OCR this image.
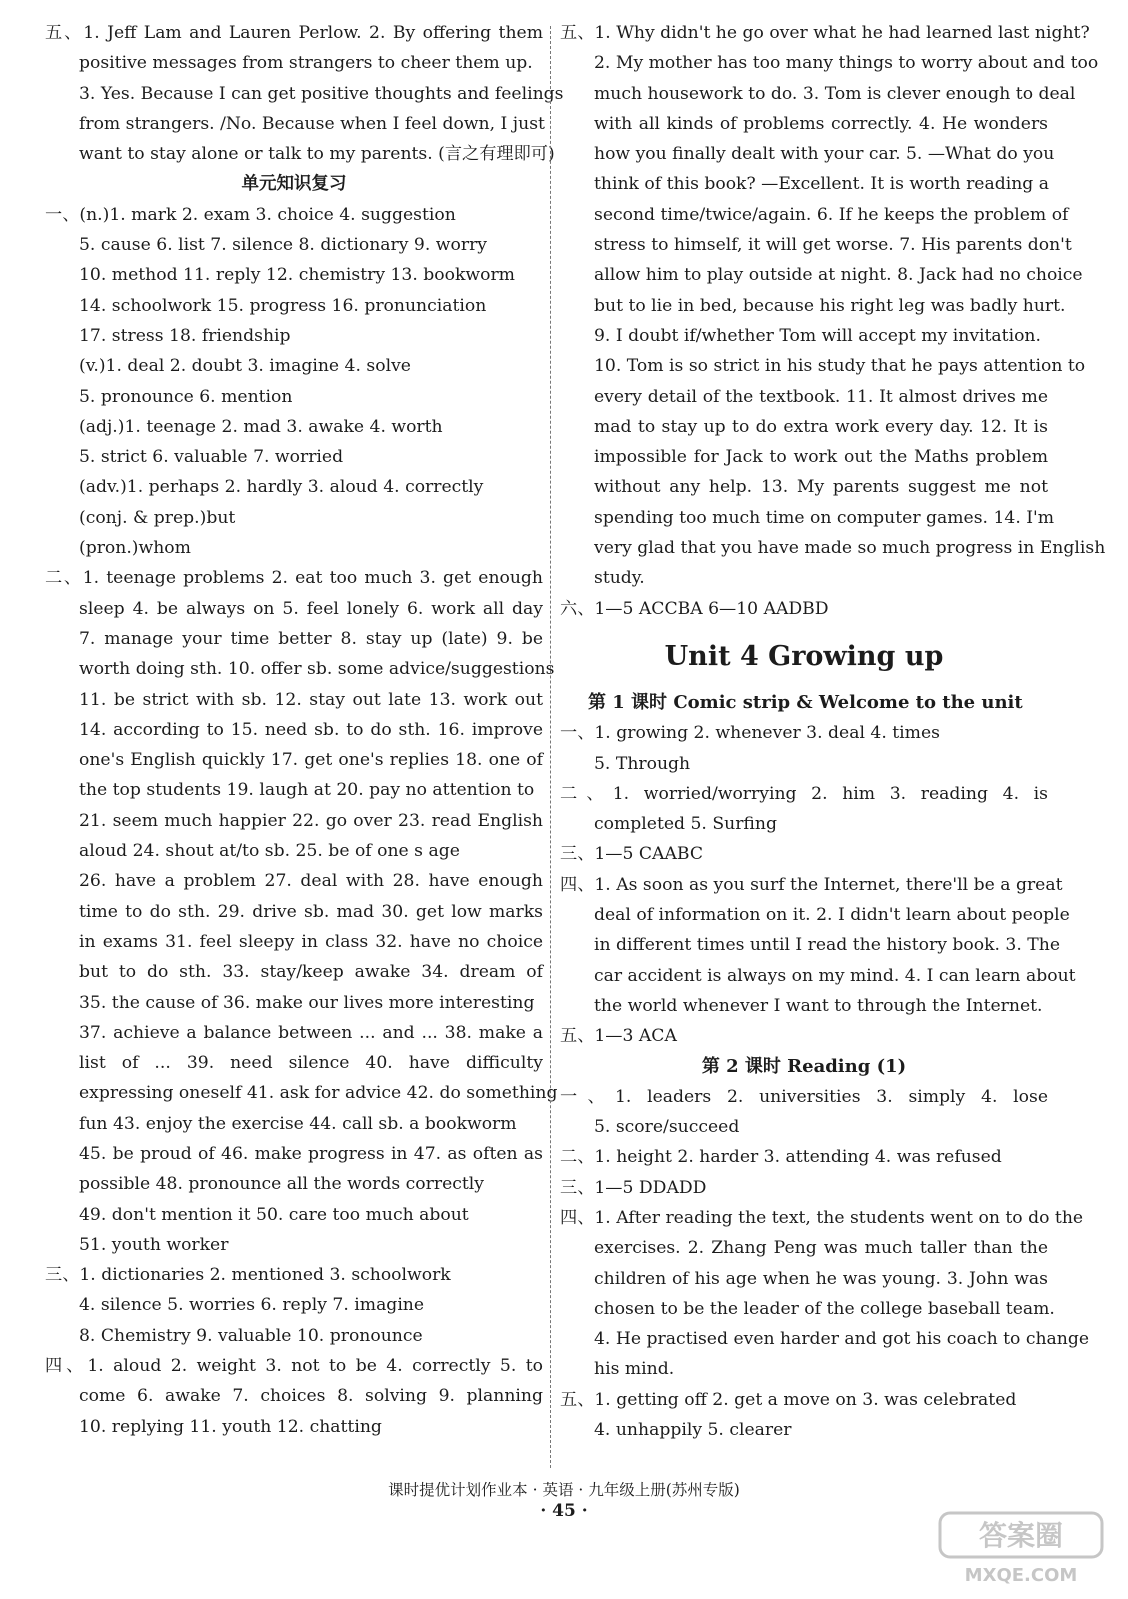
五、1. Jeff Lam and Lauren Perlow. 2. By offering them
positive messages from strangers to cheer them up.
3. Yes. Because I can get positive thoughts and feelings
from strangers. /No. Because when I feel down, I just
want to stay alone or talk to my parents. (言之有理即可)
单元知识复习
一、(n.)1. mark 2. exam 3. choice 4. suggestion
5. cause 6. list 7. silence 8. dictionary 9. worry
10. method 11. reply 12. chemistry 13. bookworm
14. schoolwork 15. progress 16. pronunciation
17. stress 18. friendship
(v.)1. deal 2. doubt 3. imagine 4. solve
5. pronounce 6. mention
(adj.)1. teenage 2. mad 3. awake 4. worth
5. strict 6. valuable 7. worried
(adv.)1. perhaps 2. hardly 3. aloud 4. correctly
(conj. & prep.)but
(pron.)whom
二、1. teenage problems 2. eat too much 3. get enough
sleep 4. be always on 5. feel lonely 6. work all day
7. manage your time better 8. stay up (late) 9. be
worth doing sth. 10. offer sb. some advice/suggestions
11. be strict with sb. 12. stay out late 13. work out
14. according to 15. need sb. to do sth. 16. improve
one's English quickly 17. get one's replies 18. one of
the top students 19. laugh at 20. pay no attention to
21. seem much happier 22. go over 23. read English
aloud 24. shout at/to sb. 25. be of one s age
26. have a problem 27. deal with 28. have enough
time to do sth. 29. drive sb. mad 30. get low marks
in exams 31. feel sleepy in class 32. have no choice
but to do sth. 33. stay/keep awake 34. dream of
35. the cause of 36. make our lives more interesting
37. achieve a balance between ... and ... 38. make a
list of ... 39. need silence 40. have difficulty
expressing oneself 41. ask for advice 42. do something
fun 43. enjoy the exercise 44. call sb. a bookworm
45. be proud of 46. make progress in 47. as often as
possible 48. pronounce all the words correctly
49. don't mention it 50. care too much about
51. youth worker
三、1. dictionaries 2. mentioned 3. schoolwork
4. silence 5. worries 6. reply 7. imagine
8. Chemistry 9. valuable 10. pronounce
四、1. aloud 2. weight 3. not to be 4. correctly 5. to
come 6. awake 7. choices 8. solving 9. planning
10. replying 11. youth 12. chatting
五、1. Why didn't he go over what he had learned last night?
2. My mother has too many things to worry about and too
much housework to do. 3. Tom is clever enough to deal
with all kinds of problems correctly. 4. He wonders
how you finally dealt with your car. 5. —What do you
think of this book? —Excellent. It is worth reading a
second time/twice/again. 6. If he keeps the problem of
stress to himself, it will get worse. 7. His parents don't
allow him to play outside at night. 8. Jack had no choice
but to lie in bed, because his right leg was badly hurt.
9. I doubt if/whether Tom will accept my invitation.
10. Tom is so strict in his study that he pays attention to
every detail of the textbook. 11. It almost drives me
mad to stay up to do extra work every day. 12. It is
impossible for Jack to work out the Maths problem
without any help. 13. My parents suggest me not
spending too much time on computer games. 14. I'm
very glad that you have made so much progress in English
study.
六、1—5 ACCBA 6—10 AADBD
Unit 4 Growing up
第 1 课时 Comic strip & Welcome to the unit
一、1. growing 2. whenever 3. deal 4. times
5. Through
二、1. worried/worrying 2. him 3. reading 4. is
completed 5. Surfing
三、1—5 CAABC
四、1. As soon as you surf the Internet, there'll be a great
deal of information on it. 2. I didn't learn about people
in different times until I read the history book. 3. The
car accident is always on my mind. 4. I can learn about
the world whenever I want to through the Internet.
五、1—3 ACA
第 2 课时 Reading (1)
一、1. leaders 2. universities 3. simply 4. lose
5. score/succeed
二、1. height 2. harder 3. attending 4. was refused
三、1—5 DDADD
四、1. After reading the text, the students went on to do the
exercises. 2. Zhang Peng was much taller than the
children of his age when he was young. 3. John was
chosen to be the leader of the college baseball team.
4. He practised even harder and got his coach to change
his mind.
五、1. getting off 2. get a move on 3. was celebrated
4. unhappily 5. clearer
课时提优计划作业本 · 英语 · 九年级上册(苏州专版)
· 45 ·
答案圈
MXQE.COM
